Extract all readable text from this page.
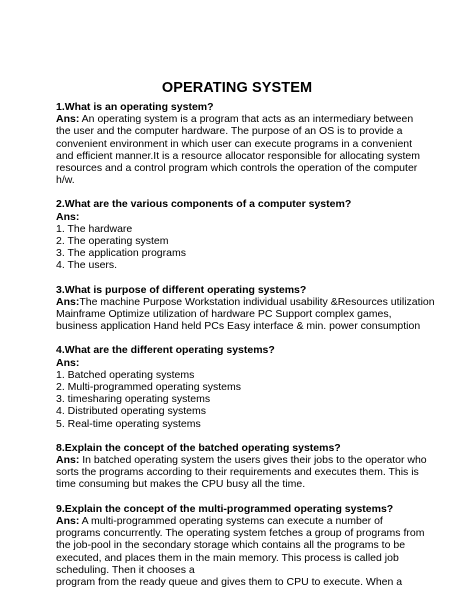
OPERATING SYSTEM

1.What is an operating system?

Ans: An operating system is a program that acts as an intermediary between

the user and the computer hardware. The purpose of an OS is to provide a

convenient environment in which user can execute programs in a convenient

and efficient manner.It is a resource allocator responsible for allocating system

resources and a control program which controls the operation of the computer

h/w.

2.What are the various components of a computer system?

Ans:

1. The hardware

2. The operating system

3. The application programs

4. The users.

3.What is purpose of different operating systems?

Ans:The machine Purpose Workstation individual usability &Resources utilization

Mainframe Optimize utilization of hardware PC Support complex games,

business application Hand held PCs Easy interface & min. power consumption

4.What are the different operating systems?

Ans:

1. Batched operating systems

2. Multi-programmed operating systems

3. timesharing operating systems

4. Distributed operating systems

5. Real-time operating systems

8.Explain the concept of the batched operating systems?

Ans: In batched operating system the users gives their jobs to the operator who

sorts the programs according to their requirements and executes them. This is

time consuming but makes the CPU busy all the time.

9.Explain the concept of the multi-programmed operating systems?

Ans: A multi-programmed operating systems can execute a number of

programs concurrently. The operating system fetches a group of programs from

the job-pool in the secondary storage which contains all the programs to be

executed, and places them in the main memory. This process is called job

scheduling. Then it chooses a

program from the ready queue and gives them to CPU to execute. When a
